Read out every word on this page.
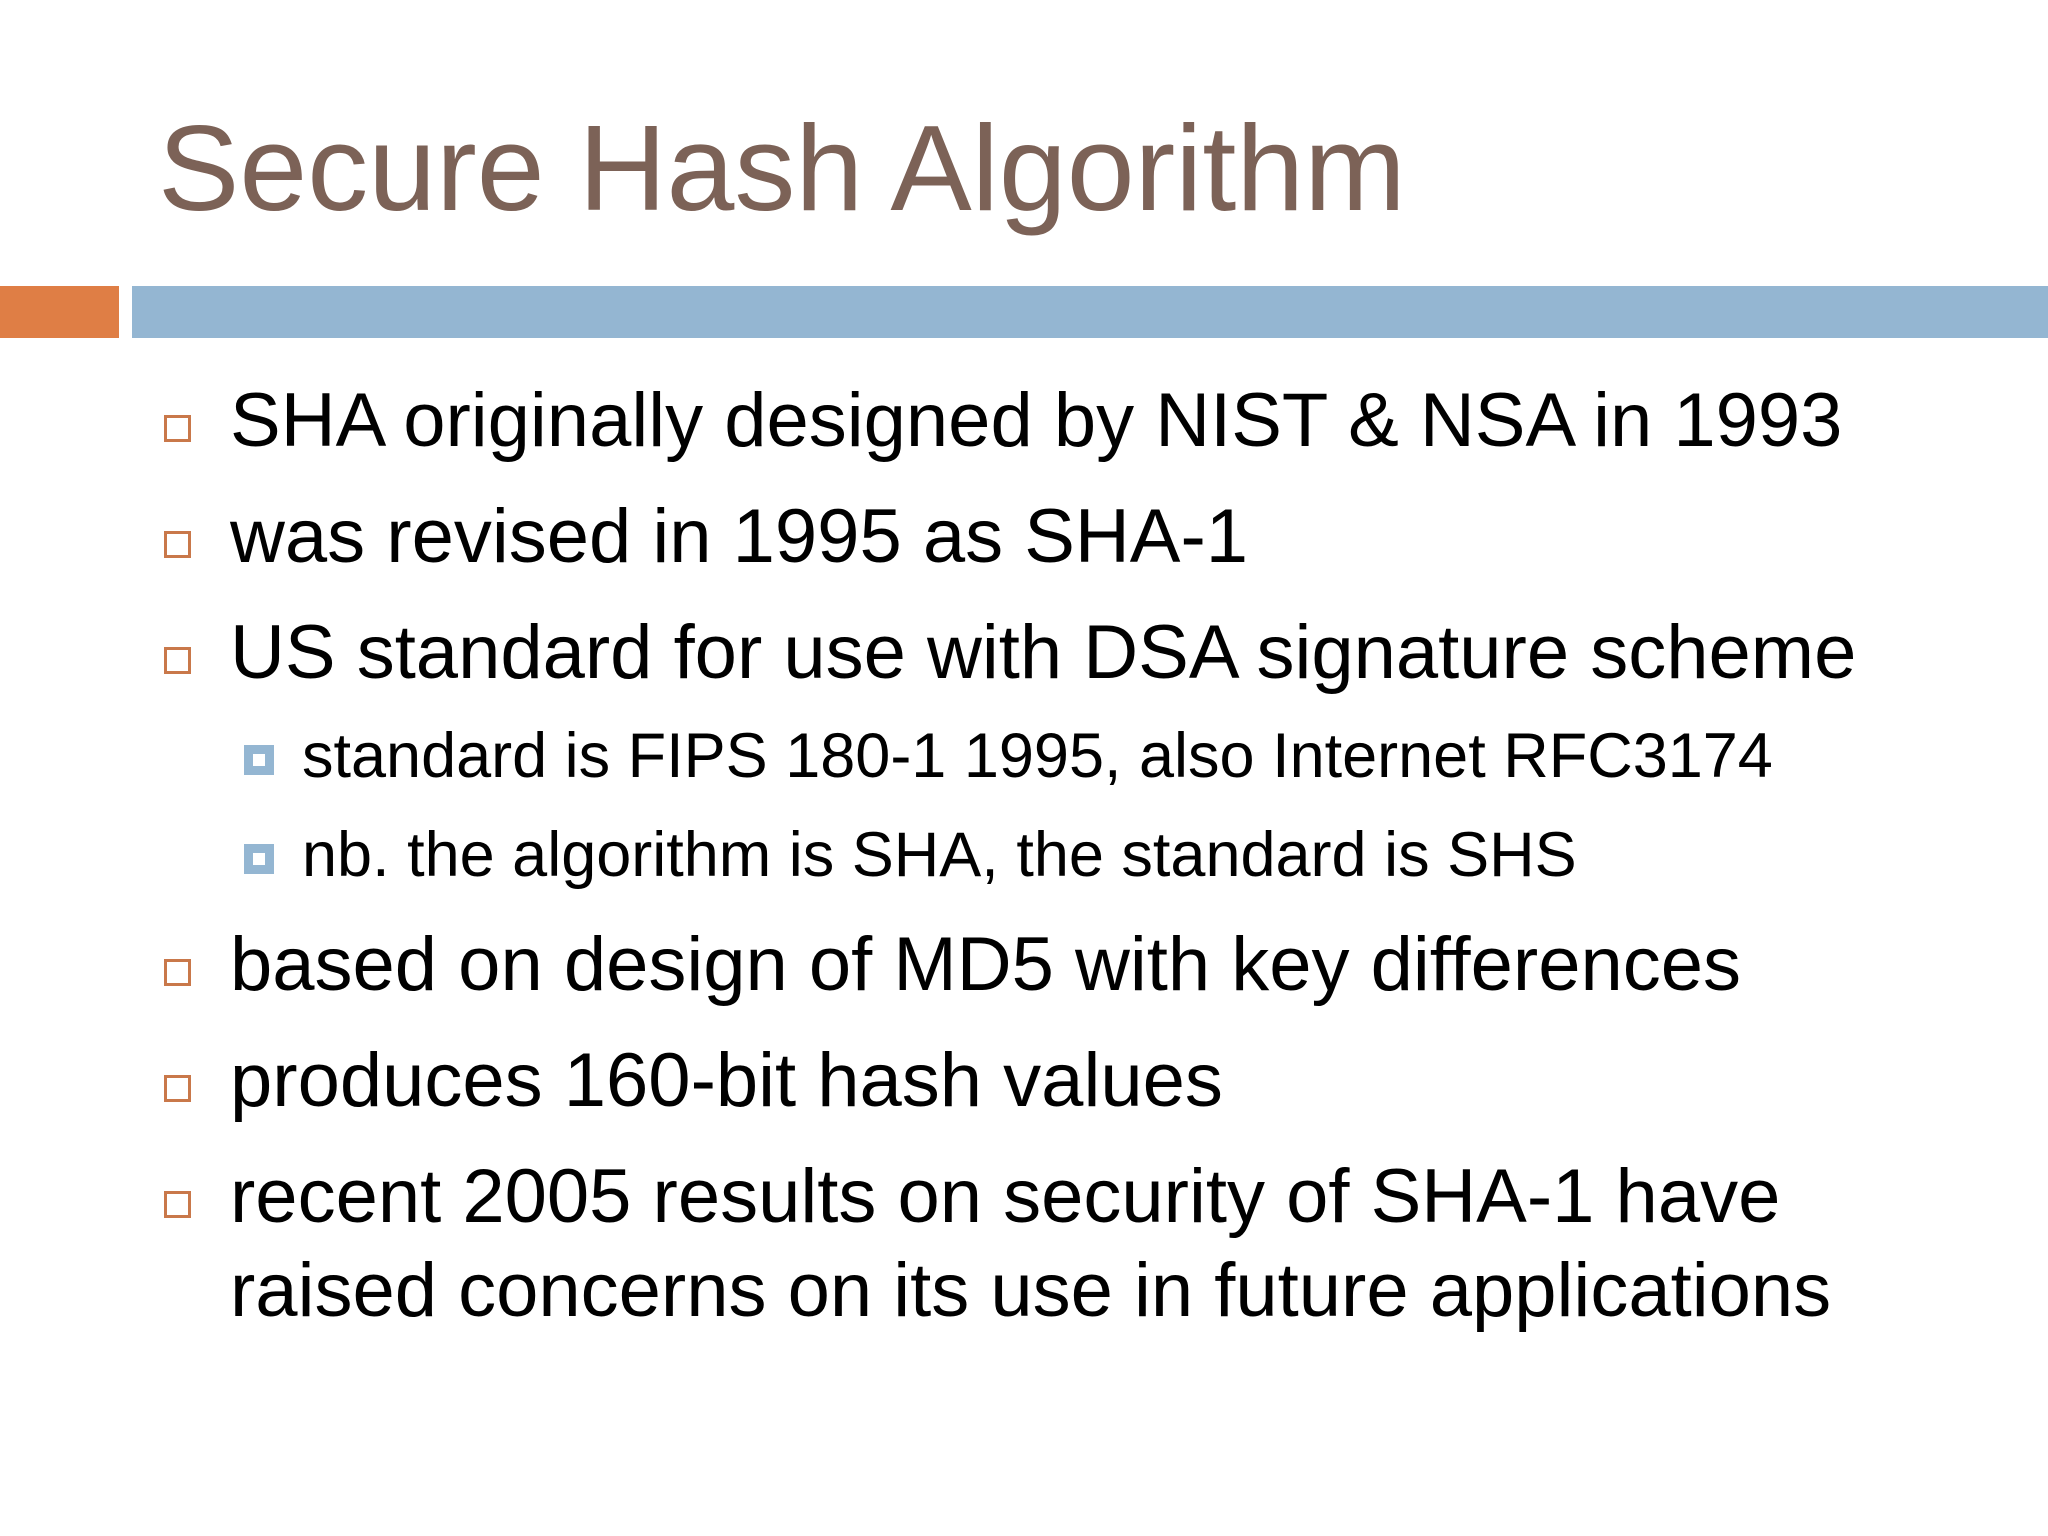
Secure Hash Algorithm
SHA originally designed by NIST & NSA in 1993
was revised in 1995 as SHA-1
US standard for use with DSA signature scheme
standard is FIPS 180-1 1995, also Internet RFC3174
nb. the algorithm is SHA, the standard is SHS
based on design of MD5 with key differences
produces 160-bit hash values
recent 2005 results on security of SHA-1 have
raised concerns on its use in future applications
